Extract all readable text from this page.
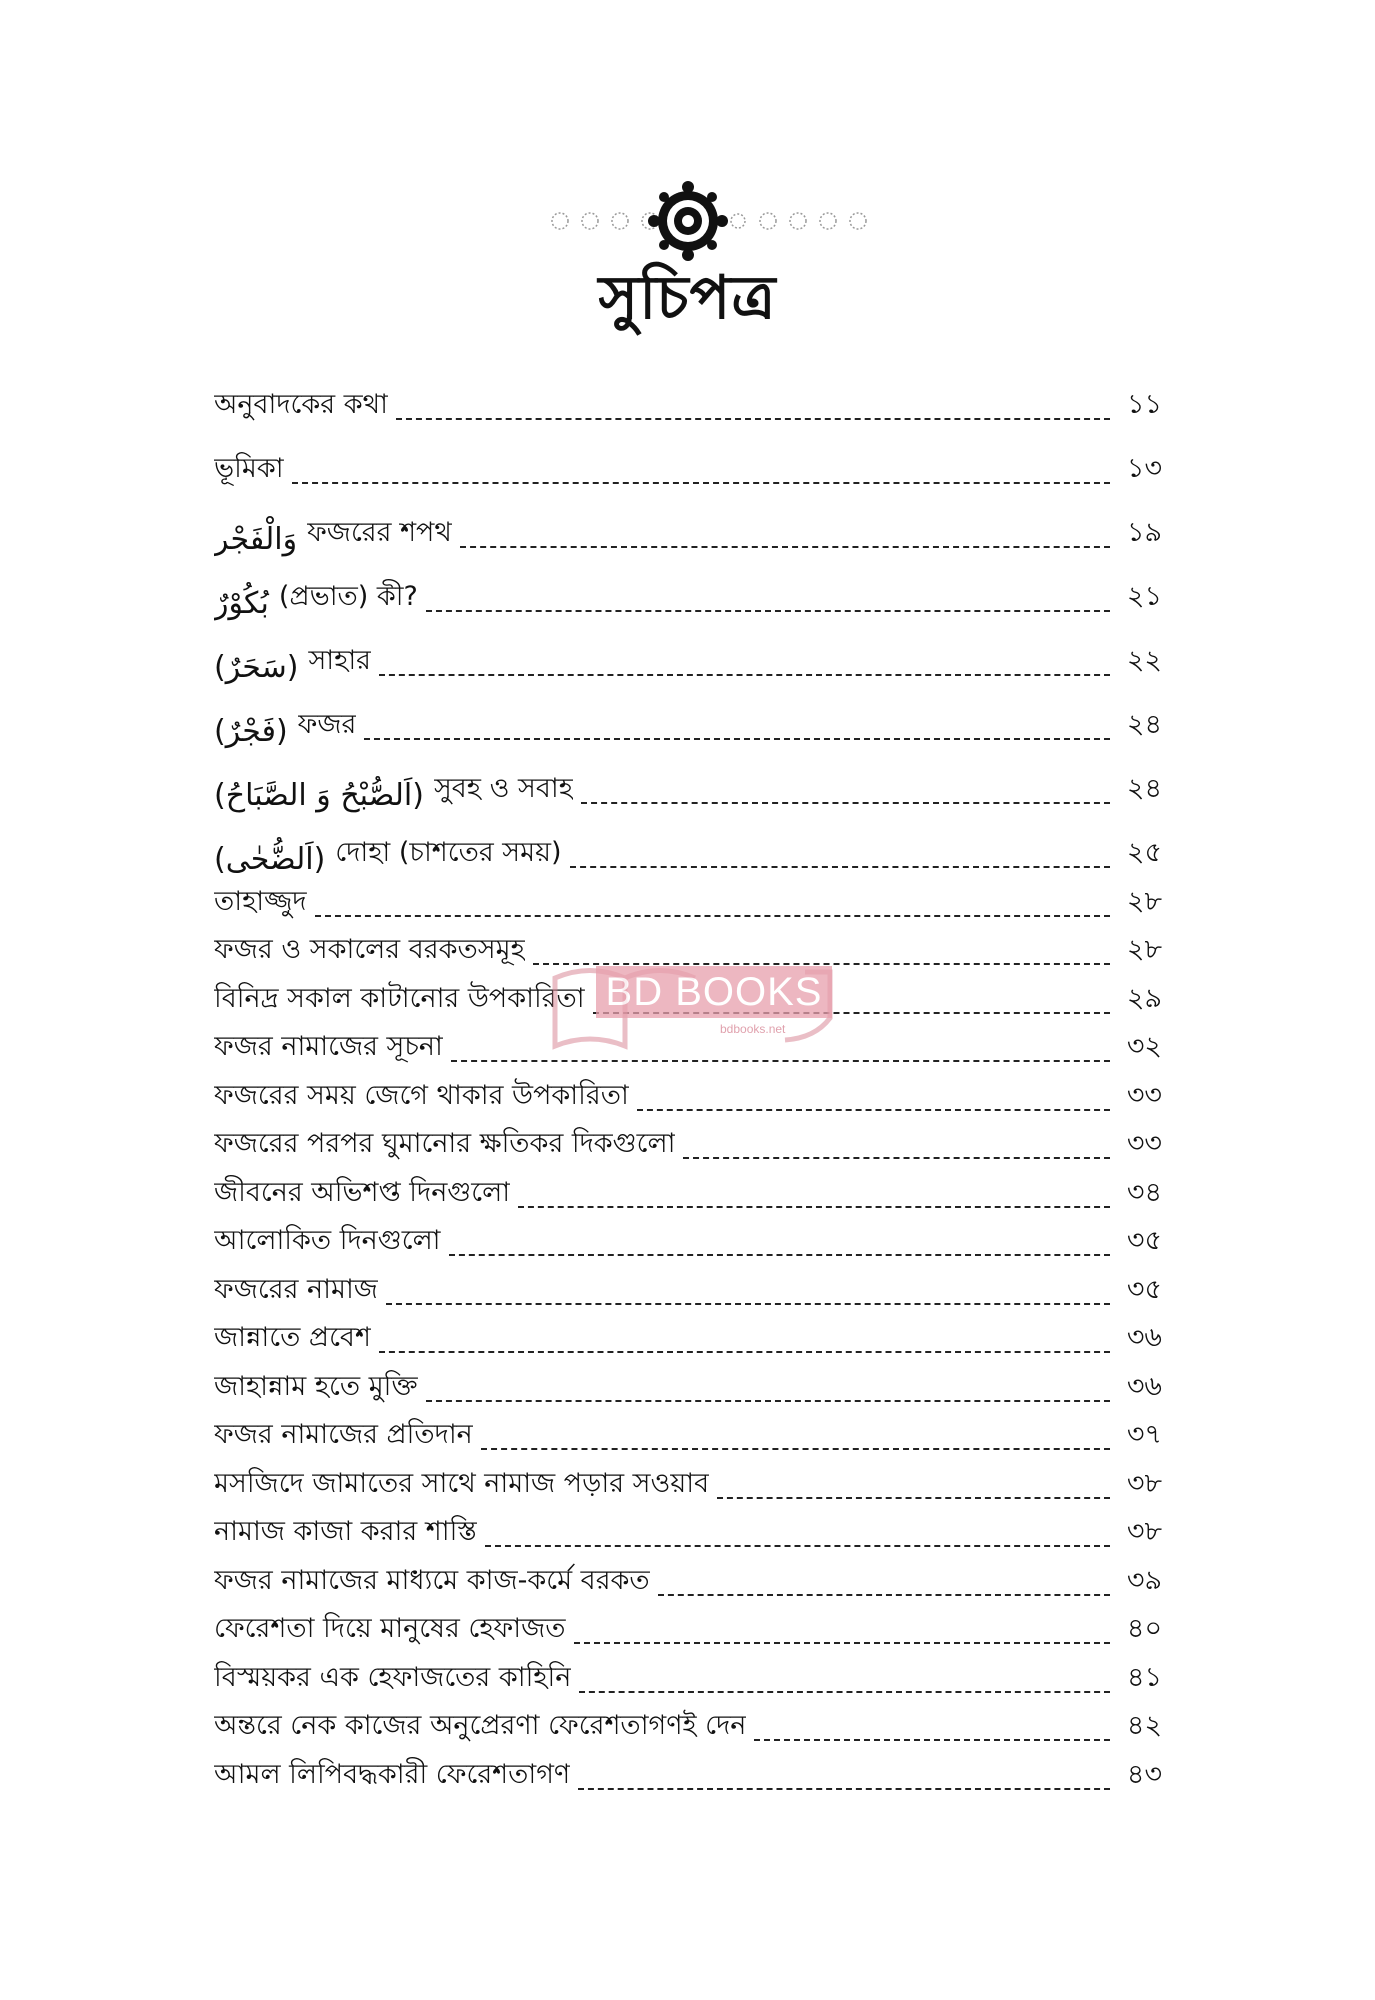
সুচিপত্র
অনুবাদকের কথা	১১
ভূমিকা	১৩
وَالْفَجْرِ ফজরের শপথ	১৯
بُكُوْرٌ (প্রভাত) কী?	২১
(سَحَرٌ) সাহার	২২
(فَجْرٌ) ফজর	২৪
(اَلصُّبْحُ وَ الصَّبَاحُ) সুবহ ও সবাহ	২৪
(اَلضُّحٰى) দোহা (চাশতের সময়)	২৫
তাহাজ্জুদ	২৮
ফজর ও সকালের বরকতসমূহ	২৮
বিনিদ্র সকাল কাটানোর উপকারিতা	২৯
ফজর নামাজের সূচনা	৩২
ফজরের সময় জেগে থাকার উপকারিতা	৩৩
ফজরের পরপর ঘুমানোর ক্ষতিকর দিকগুলো	৩৩
জীবনের অভিশপ্ত দিনগুলো	৩৪
আলোকিত দিনগুলো	৩৫
ফজরের নামাজ	৩৫
জান্নাতে প্রবেশ	৩৬
জাহান্নাম হতে মুক্তি	৩৬
ফজর নামাজের প্রতিদান	৩৭
মসজিদে জামাতের সাথে নামাজ পড়ার সওয়াব	৩৮
নামাজ কাজা করার শাস্তি	৩৮
ফজর নামাজের মাধ্যমে কাজ-কর্মে বরকত	৩৯
ফেরেশতা দিয়ে মানুষের হেফাজত	৪০
বিস্ময়কর এক হেফাজতের কাহিনি	৪১
অন্তরে নেক কাজের অনুপ্রেরণা ফেরেশতাগণই দেন	৪২
আমল লিপিবদ্ধকারী ফেরেশতাগণ	৪৩
BD BOOKS
bdbooks.net
